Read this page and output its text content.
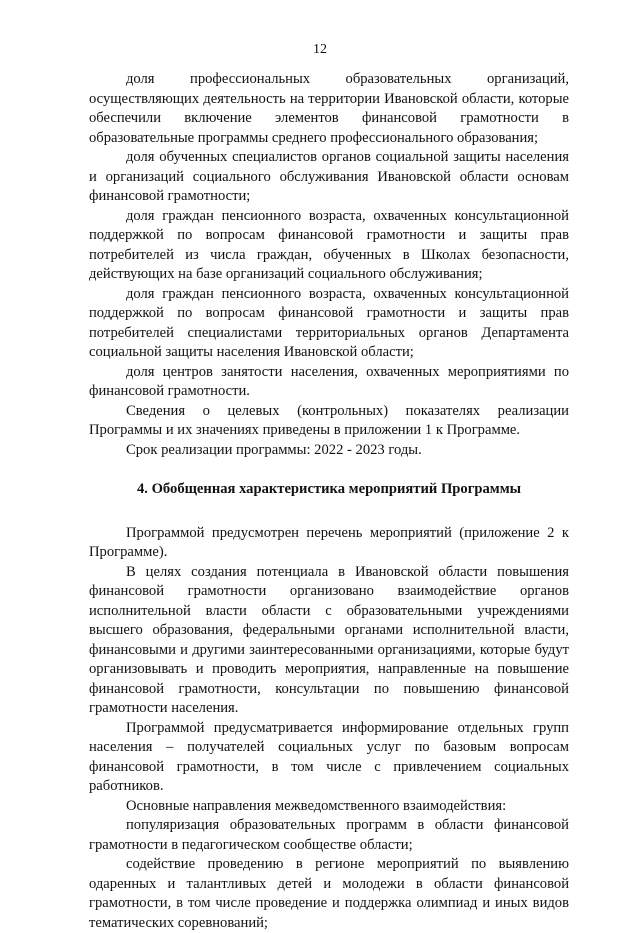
12

доля профессиональных образовательных организаций, осуществляющих деятельность на территории Ивановской области, которые обеспечили включение элементов финансовой грамотности в образовательные программы среднего профессионального образования;

доля обученных специалистов органов социальной защиты населения и организаций социального обслуживания Ивановской области основам финансовой грамотности;

доля граждан пенсионного возраста, охваченных консультационной поддержкой по вопросам финансовой грамотности и защиты прав потребителей из числа граждан, обученных в Школах безопасности, действующих на базе организаций социального обслуживания;

доля граждан пенсионного возраста, охваченных консультационной поддержкой по вопросам финансовой грамотности и защиты прав потребителей специалистами территориальных органов Департамента социальной защиты населения Ивановской области;

доля центров занятости населения, охваченных мероприятиями по финансовой грамотности.

Сведения о целевых (контрольных) показателях реализации Программы и их значениях приведены в приложении 1 к Программе.

Срок реализации программы: 2022 - 2023 годы.

4. Обобщенная характеристика мероприятий Программы

Программой предусмотрен перечень мероприятий (приложение 2 к Программе).

В целях создания потенциала в Ивановской области повышения финансовой грамотности организовано взаимодействие органов исполнительной власти области с образовательными учреждениями высшего образования, федеральными органами исполнительной власти, финансовыми и другими заинтересованными организациями, которые будут организовывать и проводить мероприятия, направленные на повышение финансовой грамотности, консультации по повышению финансовой грамотности населения.

Программой предусматривается информирование отдельных групп населения – получателей социальных услуг по базовым вопросам финансовой грамотности, в том числе с привлечением социальных работников.

Основные направления межведомственного взаимодействия:

популяризация образовательных программ в области финансовой грамотности в педагогическом сообществе области;

содействие проведению в регионе мероприятий по выявлению одаренных и талантливых детей и молодежи в области финансовой грамотности, в том числе проведение и поддержка олимпиад и иных видов тематических соревнований;
